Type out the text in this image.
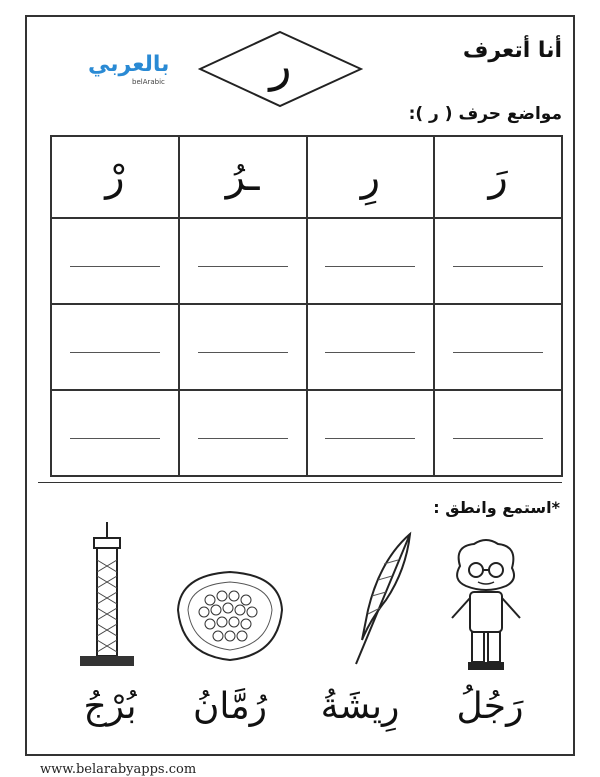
أنا أتعرف
بالعربي
belArabic	ر
مواضع حرف ( ر ):
رْ	ـرُ	رِ	رَ

*استمع وانطق :
بُرْجُ	رُمَّانُ	رِيشَةُ	رَجُلُ
www.belarabyapps.com
